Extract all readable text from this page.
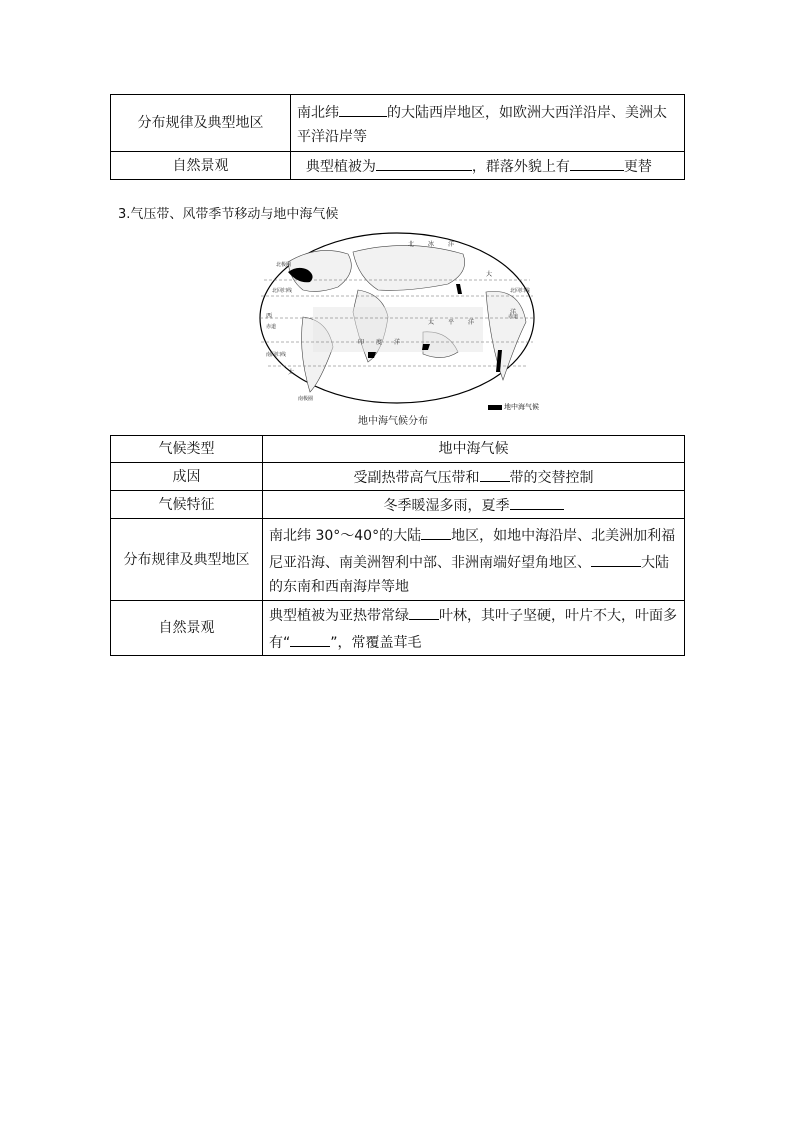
分布规律及典型地区	南北纬 的大陆西岸地区，如欧洲大西洋沿岸、美洲太平洋沿岸等
自然景观	典型植被为 ，群落外貌上有 更替
3.气压带、风带季节移动与地中海气候
北 冰 洋
太 平 洋
西
赤道
印 度 洋
南回归线
大
太
洋
南极圈
北极圈
北回归线
赤道
北回归线
地中海气候
地中海气候分布
气候类型	地中海气候
成因	受副热带高气压带和 带的交替控制
气候特征	冬季暖湿多雨，夏季
分布规律及典型地区	南北纬 30°～40°的大陆 地区，如地中海沿岸、北美洲加利福尼亚沿海、南美洲智利中部、非洲南端好望角地区、 大陆的东南和西南海岸等地
自然景观	典型植被为亚热带常绿 叶林，其叶子坚硬，叶片不大，叶面多有“ ”，常覆盖茸毛
